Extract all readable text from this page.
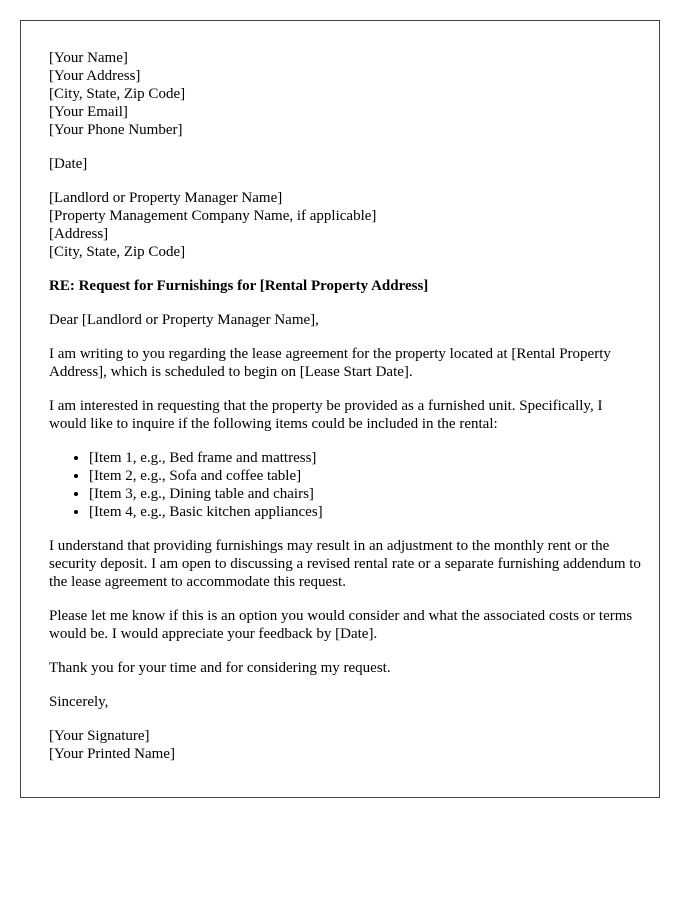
[Your Name]
[Your Address]
[City, State, Zip Code]
[Your Email]
[Your Phone Number]
[Date]
[Landlord or Property Manager Name]
[Property Management Company Name, if applicable]
[Address]
[City, State, Zip Code]

RE: Request for Furnishings for [Rental Property Address]

Dear [Landlord or Property Manager Name],

I am writing to you regarding the lease agreement for the property located at [Rental Property Address], which is scheduled to begin on [Lease Start Date].

I am interested in requesting that the property be provided as a furnished unit. Specifically, I would like to inquire if the following items could be included in the rental:

• [Item 1, e.g., Bed frame and mattress]
• [Item 2, e.g., Sofa and coffee table]
• [Item 3, e.g., Dining table and chairs]
• [Item 4, e.g., Basic kitchen appliances]

I understand that providing furnishings may result in an adjustment to the monthly rent or the security deposit. I am open to discussing a revised rental rate or a separate furnishing addendum to the lease agreement to accommodate this request.

Please let me know if this is an option you would consider and what the associated costs or terms would be. I would appreciate your feedback by [Date].

Thank you for your time and for considering my request.

Sincerely,

[Your Signature]
[Your Printed Name]
